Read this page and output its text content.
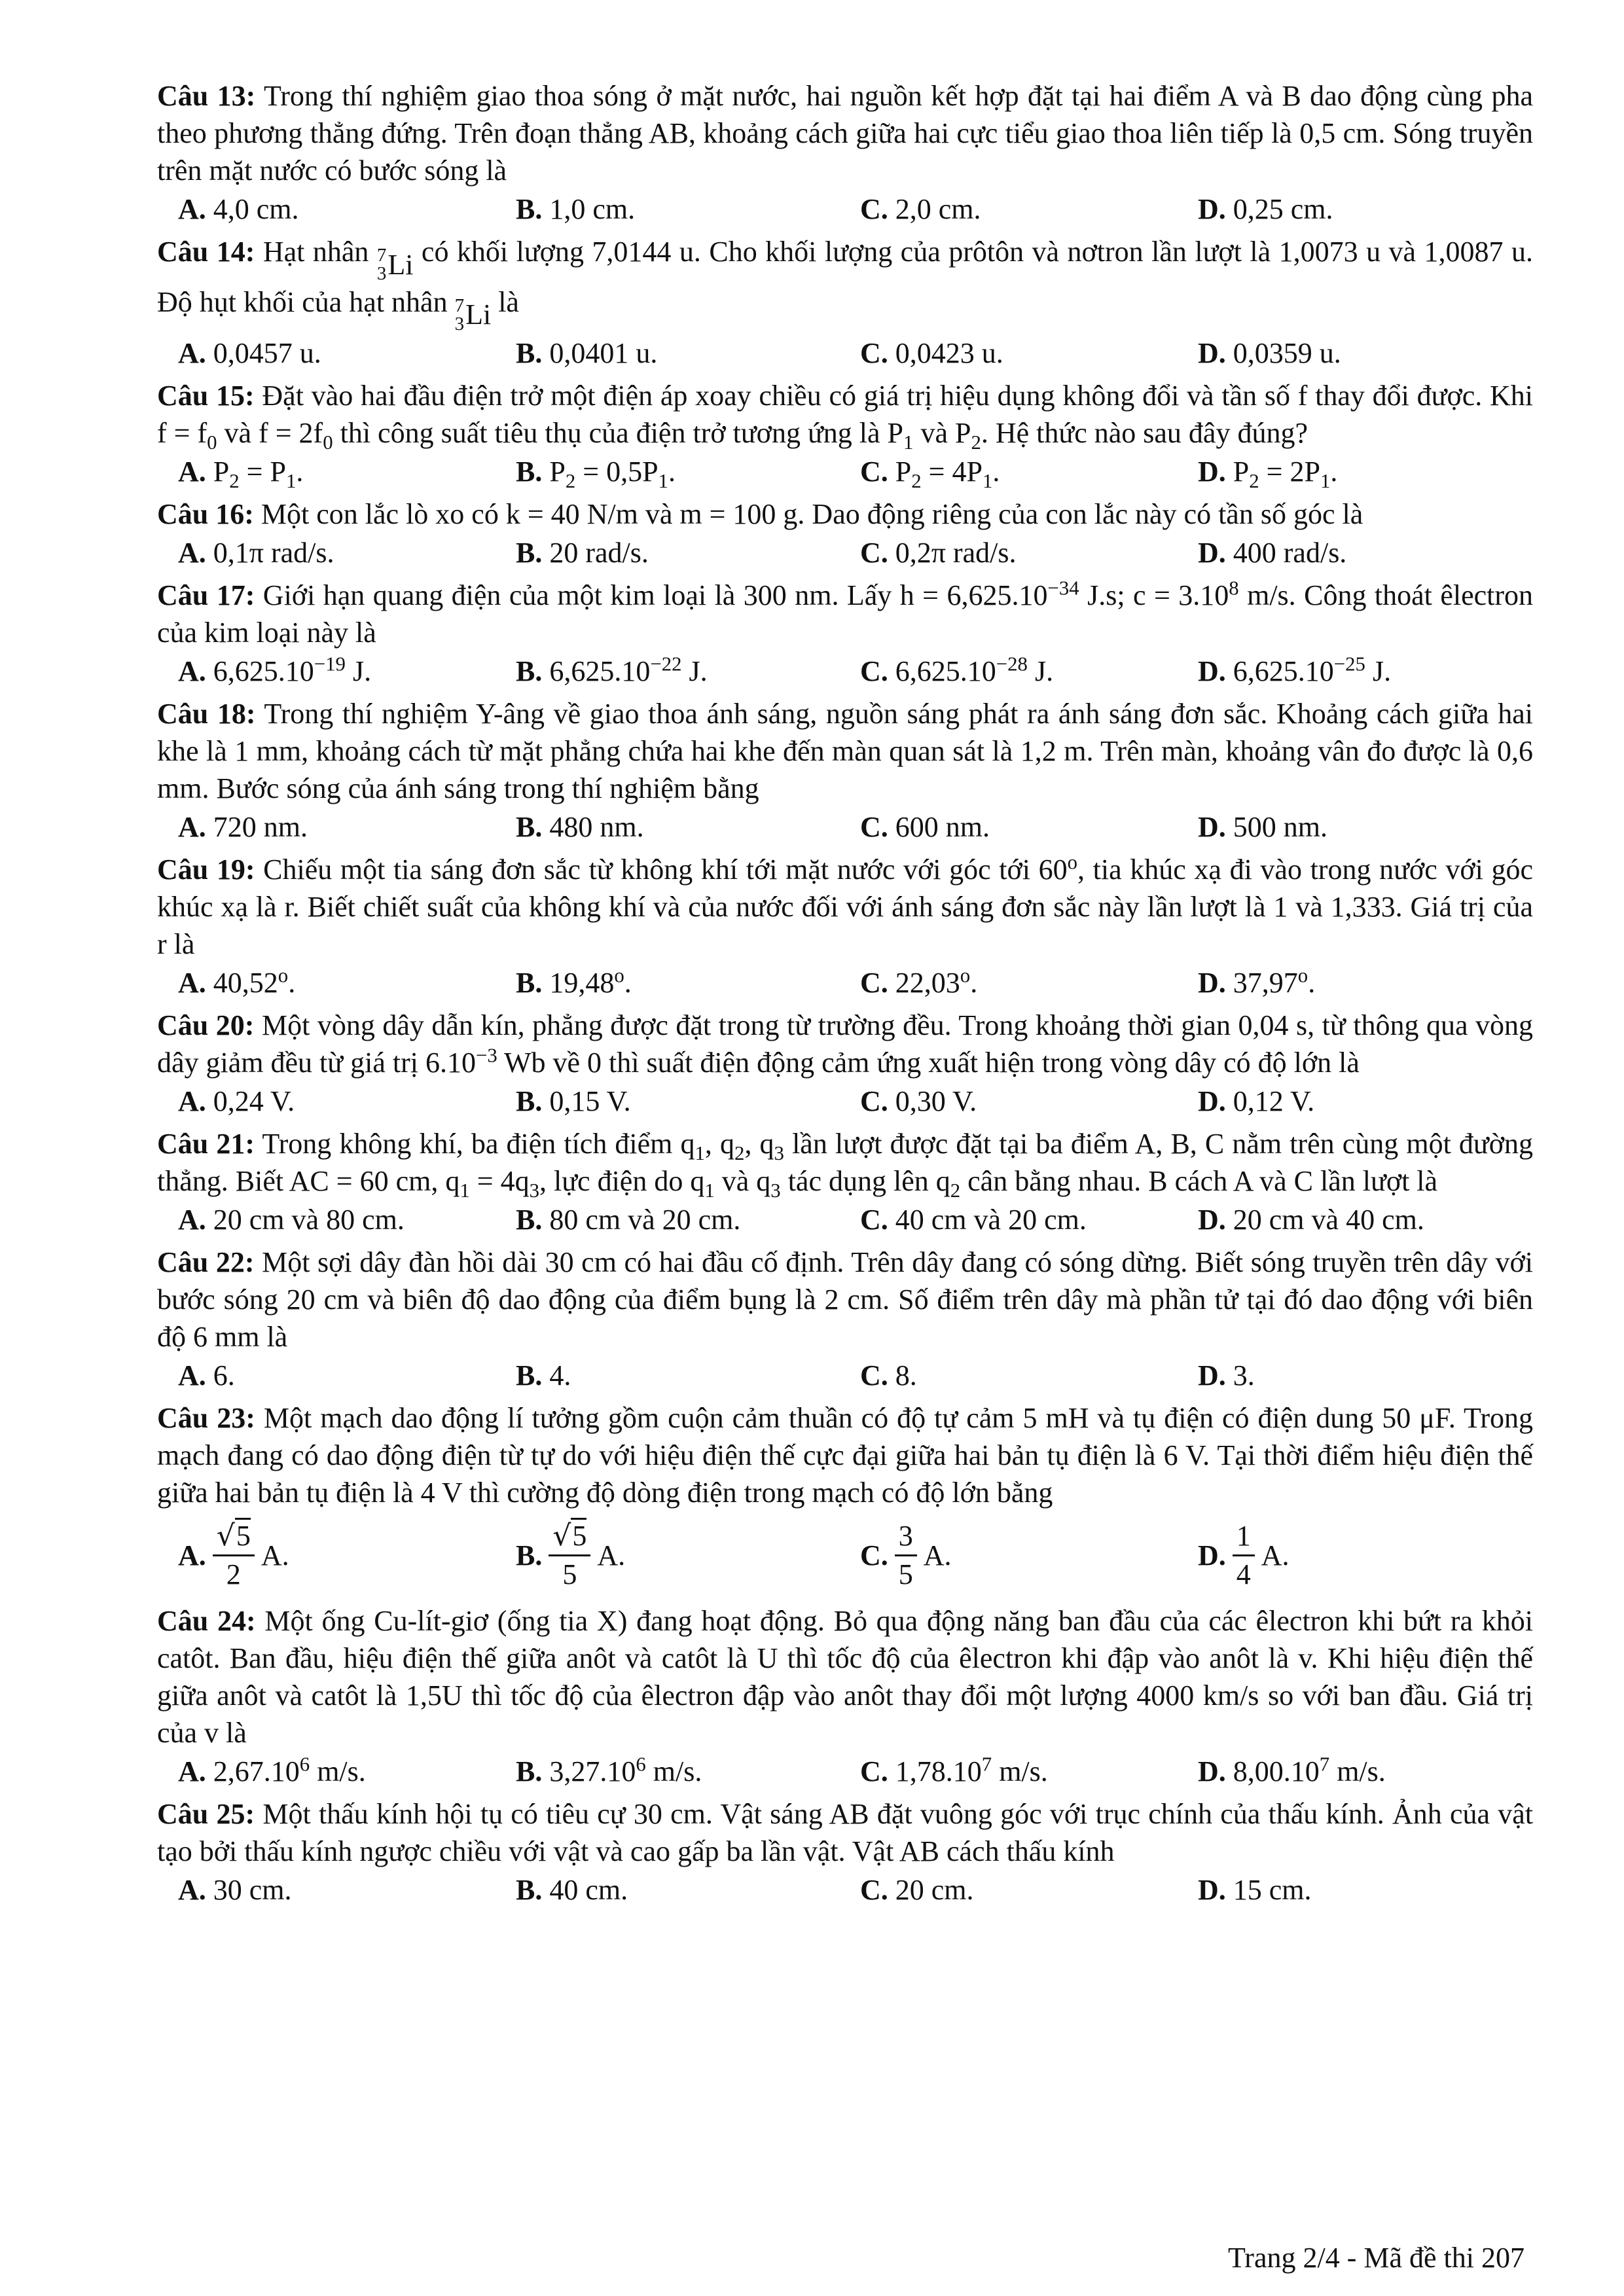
Câu 13: Trong thí nghiệm giao thoa sóng ở mặt nước, hai nguồn kết hợp đặt tại hai điểm A và B dao động cùng pha theo phương thẳng đứng. Trên đoạn thẳng AB, khoảng cách giữa hai cực tiểu giao thoa liên tiếp là 0,5 cm. Sóng truyền trên mặt nước có bước sóng là
A. 4,0 cm.	B. 1,0 cm.	C. 2,0 cm.	D. 0,25 cm.
Câu 14: Hạt nhân 7
3 Li có khối lượng 7,0144 u. Cho khối lượng của prôtôn và nơtron lần lượt là 1,0073 u và 1,0087 u. Độ hụt khối của hạt nhân 7
3 Li là
A. 0,0457 u.	B. 0,0401 u.	C. 0,0423 u.	D. 0,0359 u.
Câu 15: Đặt vào hai đầu điện trở một điện áp xoay chiều có giá trị hiệu dụng không đổi và tần số f thay đổi được. Khi $f = f_0$ và $f = 2f_0$ thì công suất tiêu thụ của điện trở tương ứng là $P_1$ và $P_2$. Hệ thức nào sau đây đúng?
A. $P_2 = P_1$.	B. $P_2 = 0,5P_1$.	C. $P_2 = 4P_1$.	D. $P_2 = 2P_1$.
Câu 16: Một con lắc lò xo có k = 40 N/m và m = 100 g. Dao động riêng của con lắc này có tần số góc là
A. 0,1π rad/s.	B. 20 rad/s.	C. 0,2π rad/s.	D. 400 rad/s.
Câu 17: Giới hạn quang điện của một kim loại là 300 nm. Lấy $h = 6,625.10^{-34}$ J.s; $c = 3.10^8$ m/s. Công thoát êlectron của kim loại này là
A. $6,625.10^{-19}$ J.	B. $6,625.10^{-22}$ J.	C. $6,625.10^{-28}$ J.	D. $6,625.10^{-25}$ J.
Câu 18: Trong thí nghiệm Y-âng về giao thoa ánh sáng, nguồn sáng phát ra ánh sáng đơn sắc. Khoảng cách giữa hai khe là 1 mm, khoảng cách từ mặt phẳng chứa hai khe đến màn quan sát là 1,2 m. Trên màn, khoảng vân đo được là 0,6 mm. Bước sóng của ánh sáng trong thí nghiệm bằng
A. 720 nm.	B. 480 nm.	C. 600 nm.	D. 500 nm.
Câu 19: Chiếu một tia sáng đơn sắc từ không khí tới mặt nước với góc tới 60$^o$, tia khúc xạ đi vào trong nước với góc khúc xạ là r. Biết chiết suất của không khí và của nước đối với ánh sáng đơn sắc này lần lượt là 1 và 1,333. Giá trị của r là
A. 40,52$^o$.	B. 19,48$^o$.	C. 22,03$^o$.	D. 37,97$^o$.
Câu 20: Một vòng dây dẫn kín, phẳng được đặt trong từ trường đều. Trong khoảng thời gian 0,04 s, từ thông qua vòng dây giảm đều từ giá trị $6.10^{-3}$ Wb về 0 thì suất điện động cảm ứng xuất hiện trong vòng dây có độ lớn là
A. 0,24 V.	B. 0,15 V.	C. 0,30 V.	D. 0,12 V.
Câu 21: Trong không khí, ba điện tích điểm $q_1$, $q_2$, $q_3$ lần lượt được đặt tại ba điểm A, B, C nằm trên cùng một đường thẳng. Biết AC = 60 cm, $q_1 = 4q_3$, lực điện do $q_1$ và $q_3$ tác dụng lên $q_2$ cân bằng nhau. B cách A và C lần lượt là
A. 20 cm và 80 cm.	B. 80 cm và 20 cm.	C. 40 cm và 20 cm.	D. 20 cm và 40 cm.
Câu 22: Một sợi dây đàn hồi dài 30 cm có hai đầu cố định. Trên dây đang có sóng dừng. Biết sóng truyền trên dây với bước sóng 20 cm và biên độ dao động của điểm bụng là 2 cm. Số điểm trên dây mà phần tử tại đó dao động với biên độ 6 mm là
A. 6.	B. 4.	C. 8.	D. 3.
Câu 23: Một mạch dao động lí tưởng gồm cuộn cảm thuần có độ tự cảm 5 mH và tụ điện có điện dung 50 μF. Trong mạch đang có dao động điện từ tự do với hiệu điện thế cực đại giữa hai bản tụ điện là 6 V. Tại thời điểm hiệu điện thế giữa hai bản tụ điện là 4 V thì cường độ dòng điện trong mạch có độ lớn bằng
A. $\frac{√5}{2} A$.	B. $\frac{√5}{5} A$.	C. $\frac{3}{5} A$.	D. $\frac{1}{4} A$.
Câu 24: Một ống Cu-lít-giơ (ống tia X) đang hoạt động. Bỏ qua động năng ban đầu của các êlectron khi bứt ra khỏi catôt. Ban đầu, hiệu điện thế giữa anôt và catôt là U thì tốc độ của êlectron khi đập vào anôt là v. Khi hiệu điện thế giữa anôt và catôt là 1,5U thì tốc độ của êlectron đập vào anôt thay đổi một lượng 4000 km/s so với ban đầu. Giá trị của v là
A. 2,67.10$^6$ m/s.	B. 3,27.10$^6$ m/s.	C. 1,78.10$^7$ m/s.	D. 8,00.10$^7$ m/s.
Câu 25: Một thấu kính hội tụ có tiêu cự 30 cm. Vật sáng AB đặt vuông góc với trục chính của thấu kính. Ảnh của vật tạo bởi thấu kính ngược chiều với vật và cao gấp ba lần vật. Vật AB cách thấu kính
A. 30 cm.	B. 40 cm.	C. 20 cm.	D. 15 cm.
Trang 2/4 - Mã đề thi 207
